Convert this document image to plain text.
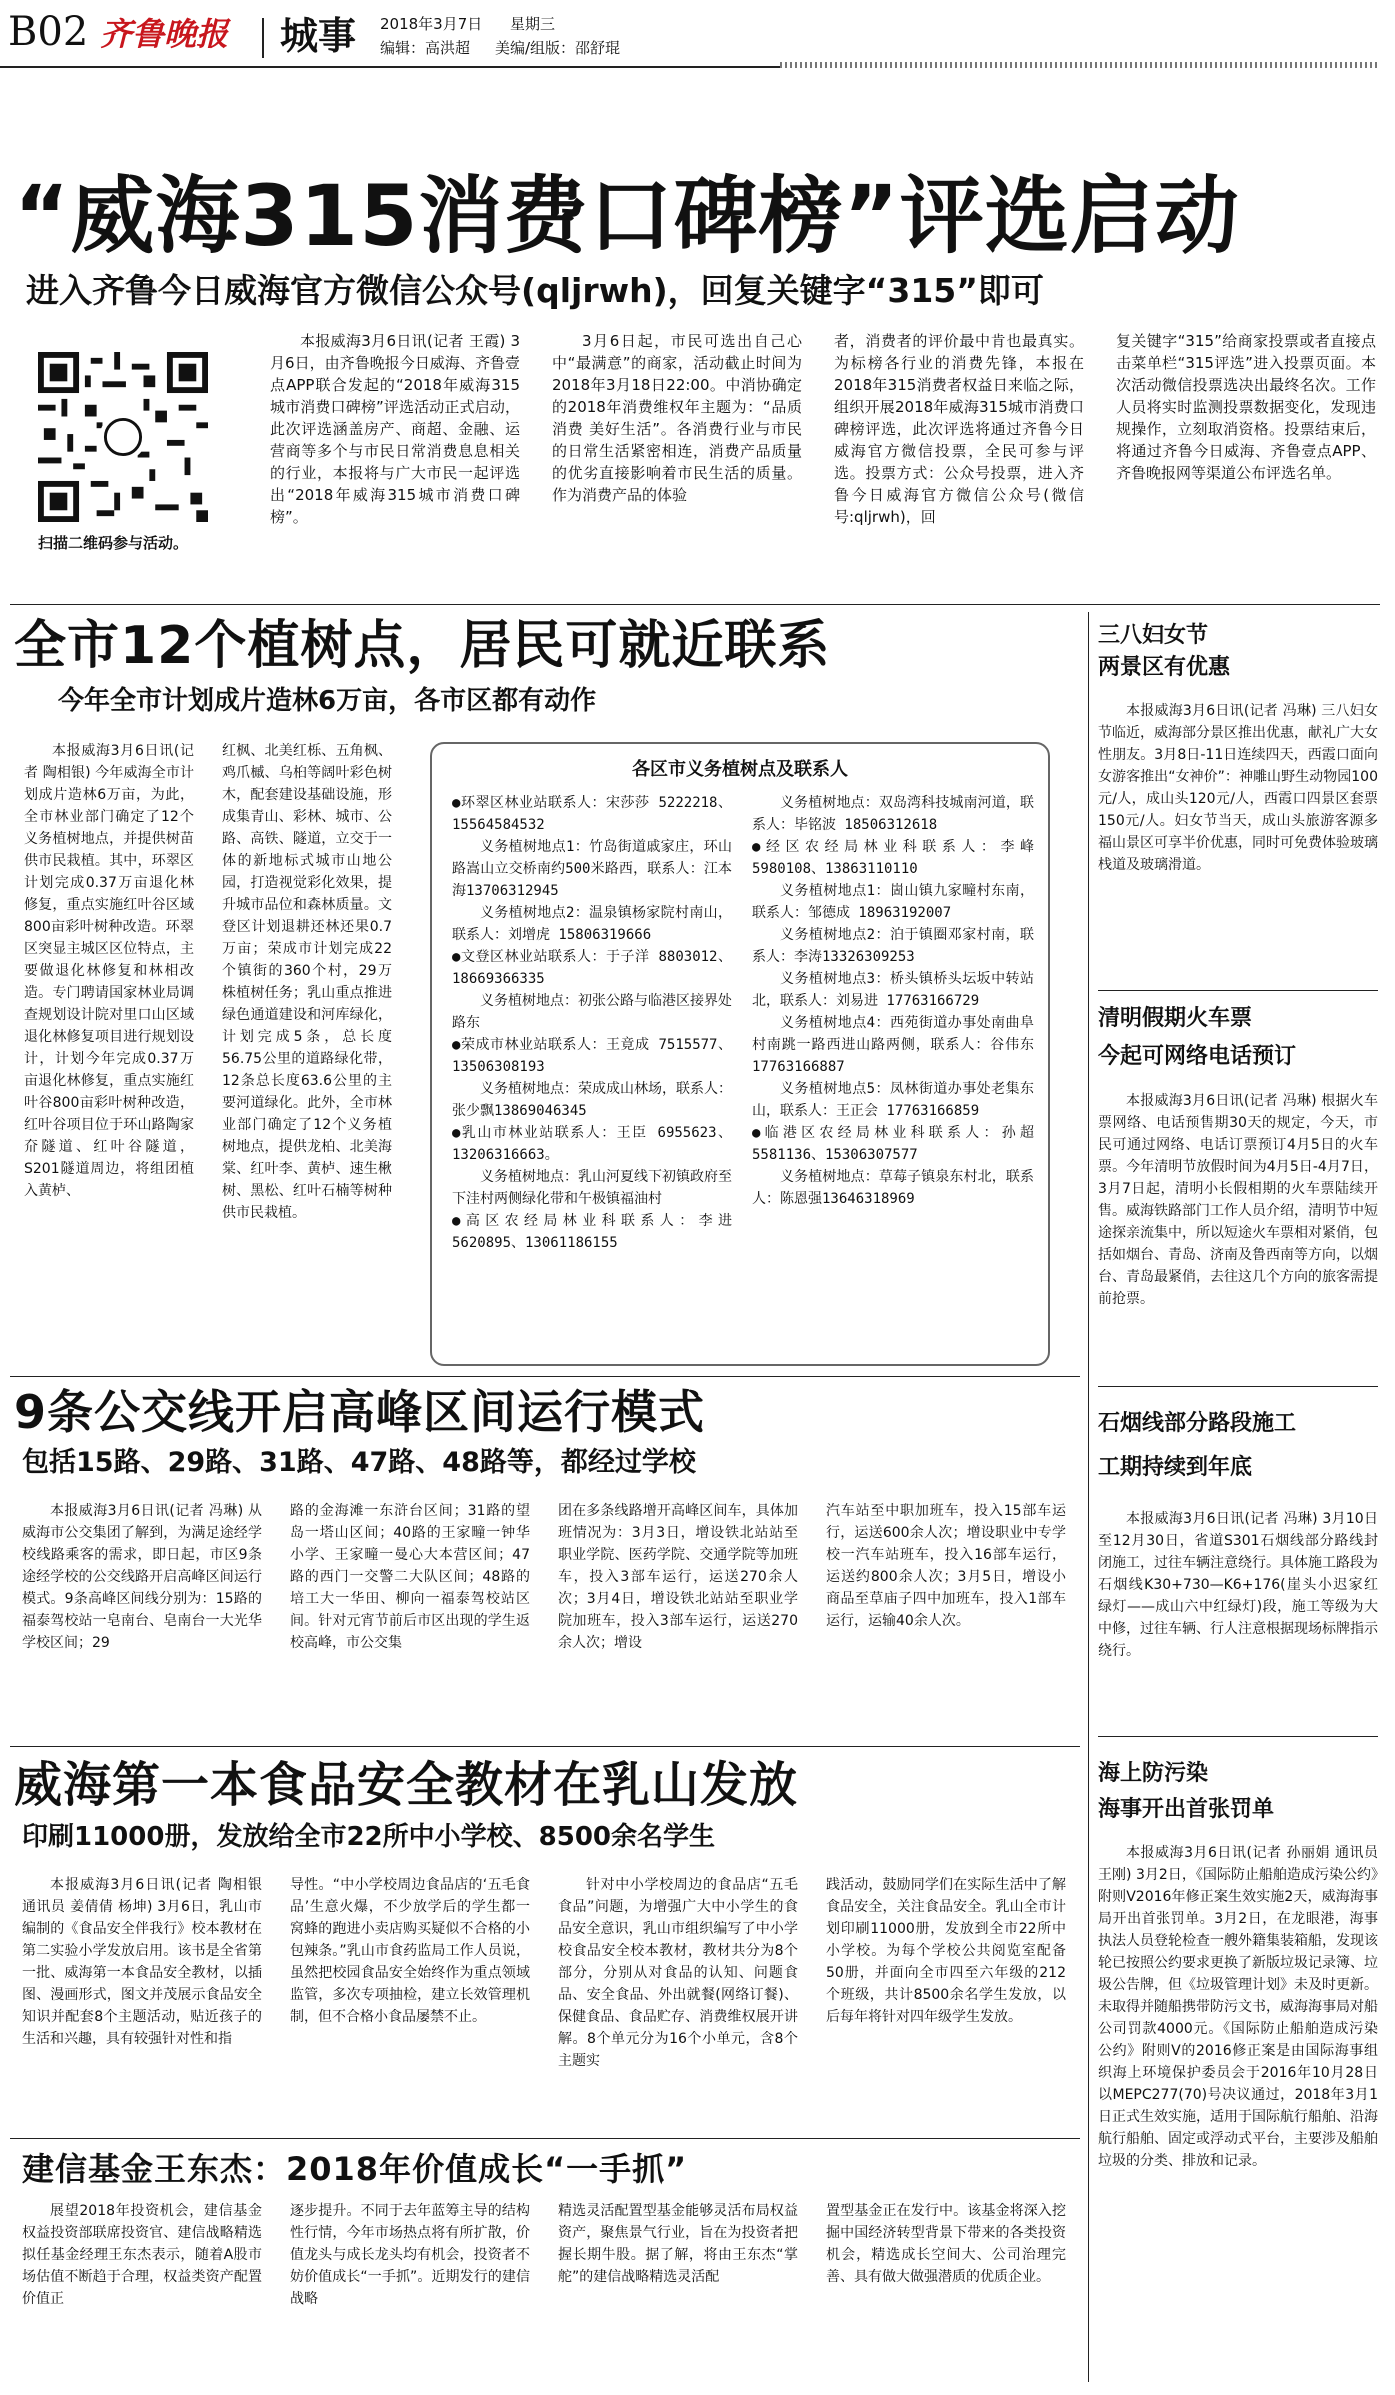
B02 齐鲁晚报 城事 2018年3月7日 星期三
编辑：高洪超 美编/组版：邵舒琨
“威海315消费口碑榜”评选启动
进入齐鲁今日威海官方微信公众号(qljrwh)，回复关键字“315”即可
扫描二维码参与活动。

本报威海3月6日讯(记者 王霞) 3月6日，由齐鲁晚报今日威海、齐鲁壹点APP联合发起的“2018年威海315城市消费口碑榜”评选活动正式启动，此次评选涵盖房产、商超、金融、运营商等多个与市民日常消费息息相关的行业，本报将与广大市民一起评选出“2018年威海315城市消费口碑榜”。

3月6日起，市民可选出自己心中“最满意”的商家，活动截止时间为2018年3月18日22:00。中消协确定的2018年消费维权年主题为：“品质消费 美好生活”。各消费行业与市民的日常生活紧密相连，消费产品质量的优劣直接影响着市民生活的质量。作为消费产品的体验

者，消费者的评价最中肯也最真实。为标榜各行业的消费先锋，本报在2018年315消费者权益日来临之际，组织开展2018年威海315城市消费口碑榜评选，此次评选将通过齐鲁今日威海官方微信投票，全民可参与评选。投票方式：公众号投票，进入齐鲁今日威海官方微信公众号(微信号:qljrwh)，回

复关键字“315”给商家投票或者直接点击菜单栏“315评选”进入投票页面。本次活动微信投票选决出最终名次。工作人员将实时监测投票数据变化，发现违规操作，立刻取消资格。投票结束后，将通过齐鲁今日威海、齐鲁壹点APP、齐鲁晚报网等渠道公布评选名单。

全市12个植树点，居民可就近联系
今年全市计划成片造林6万亩，各市区都有动作

本报威海3月6日讯(记者 陶相银) 今年威海全市计划成片造林6万亩，为此，全市林业部门确定了12个义务植树地点，并提供树苗供市民栽植。其中，环翠区计划完成0.37万亩退化林修复，重点实施红叶谷区域800亩彩叶树种改造。环翠区突显主城区区位特点，主要做退化林修复和林相改造。专门聘请国家林业局调查规划设计院对里口山区域退化林修复项目进行规划设计，计划今年完成0.37万亩退化林修复，重点实施红叶谷800亩彩叶树种改造，红叶谷项目位于环山路陶家夼隧道、红叶谷隧道，S201隧道周边，将组团植入黄栌、

红枫、北美红栎、五角枫、鸡爪槭、乌桕等阔叶彩色树木，配套建设基础设施，形成集青山、彩林、城市、公路、高铁、隧道，立交于一体的新地标式城市山地公园，打造视觉彩化效果，提升城市品位和森林质量。文登区计划退耕还林还果0.7万亩；荣成市计划完成22个镇街的360个村，29万株植树任务；乳山重点推进绿色通道建设和河库绿化，计划完成5条，总长度56.75公里的道路绿化带，12条总长度63.6公里的主要河道绿化。此外，全市林业部门确定了12个义务植树地点，提供龙柏、北美海棠、红叶李、黄栌、速生楸树、黑松、红叶石楠等树种供市民栽植。

各区市义务植树点及联系人
●环翠区林业站联系人：宋莎莎 5222218、15564584532
义务植树地点1：竹岛街道戚家庄，环山路嵩山立交桥南约500米路西，联系人：江本海13706312945
义务植树地点2：温泉镇杨家院村南山，联系人：刘增虎 15806319666
●文登区林业站联系人：于子洋 8803012、18669366335
义务植树地点：初张公路与临港区接界处路东
●荣成市林业站联系人：王竟成 7515577、13506308193
义务植树地点：荣成成山林场，联系人：张少飘13869046345
●乳山市林业站联系人：王臣 6955623、13206316663。
义务植树地点：乳山河夏线下初镇政府至下洼村两侧绿化带和午极镇福油村
●高区农经局林业科联系人：李进 5620895、13061186155
义务植树地点：双岛湾科技城南河道，联系人：毕铭波 18506312618
●经区农经局林业科联系人：李峰 5980108、13863110110
义务植树地点1：崮山镇九家疃村东南，联系人：邹德成 18963192007
义务植树地点2：泊于镇圈邓家村南，联系人：李涛13326309253
义务植树地点3：桥头镇桥头坛坂中转站北，联系人：刘易进 17763166729
义务植树地点4：西苑街道办事处南曲阜村南跳一路西进山路两侧，联系人：谷伟东17763166887
义务植树地点5：凤林街道办事处老集东山，联系人：王正会 17763166859
●临港区农经局林业科联系人：孙超5581136、15306307577
义务植树地点：草莓子镇泉东村北，联系人：陈恩强13646318969
9条公交线开启高峰区间运行模式
包括15路、29路、31路、47路、48路等，都经过学校

本报威海3月6日讯(记者 冯琳) 从威海市公交集团了解到，为满足途经学校线路乘客的需求，即日起，市区9条途经学校的公交线路开启高峰区间运行模式。9条高峰区间线分别为：15路的福泰驾校站一皂南台、皂南台一大光华学校区间；29

路的金海滩一东浒台区间；31路的望岛一塔山区间；40路的王家疃一钟华小学、王家疃一曼心大本营区间；47路的西门一交警二大队区间；48路的培工大一华田、柳向一福泰驾校站区间。针对元宵节前后市区出现的学生返校高峰，市公交集

团在多条线路增开高峰区间车，具体加班情况为：3月3日，增设铁北站站至职业学院、医药学院、交通学院等加班车，投入3部车运行，运送270余人次；3月4日，增设铁北站站至职业学院加班车，投入3部车运行，运送270余人次；增设

汽车站至中职加班车，投入15部车运行，运送600余人次；增设职业中专学校一汽车站班车，投入16部车运行，运送约800余人次；3月5日，增设小商品至草庙子四中加班车，投入1部车运行，运输40余人次。

威海第一本食品安全教材在乳山发放
印刷11000册，发放给全市22所中小学校、8500余名学生

本报威海3月6日讯(记者 陶相银 通讯员 姜倩倩 杨坤) 3月6日，乳山市编制的《食品安全伴我行》校本教材在第二实验小学发放启用。该书是全省第一批、威海第一本食品安全教材，以插图、漫画形式，图文并茂展示食品安全知识并配套8个主题活动，贴近孩子的生活和兴趣，具有较强针对性和指

导性。“中小学校周边食品店的‘五毛食品’生意火爆，不少放学后的学生都一窝蜂的跑进小卖店购买疑似不合格的小包辣条。”乳山市食药监局工作人员说，虽然把校园食品安全始终作为重点领域监管，多次专项抽检，建立长效管理机制，但不合格小食品屡禁不止。

针对中小学校周边的食品店“五毛食品”问题，为增强广大中小学生的食品安全意识，乳山市组织编写了中小学校食品安全校本教材，教材共分为8个部分，分别从对食品的认知、问题食品、安全食品、外出就餐(网络订餐)、保健食品、食品贮存、消费维权展开讲解。8个单元分为16个小单元，含8个主题实

践活动，鼓励同学们在实际生活中了解食品安全，关注食品安全。乳山全市计划印刷11000册，发放到全市22所中小学校。为每个学校公共阅览室配备50册，并面向全市四至六年级的212个班级，共计8500余名学生发放，以后每年将针对四年级学生发放。

建信基金王东杰：2018年价值成长“一手抓”

展望2018年投资机会，建信基金权益投资部联席投资官、建信战略精选拟任基金经理王东杰表示，随着A股市场估值不断趋于合理，权益类资产配置价值正

逐步提升。不同于去年蓝筹主导的结构性行情，今年市场热点将有所扩散，价值龙头与成长龙头均有机会，投资者不妨价值成长“一手抓”。近期发行的建信战略

精选灵活配置型基金能够灵活布局权益资产，聚焦景气行业，旨在为投资者把握长期牛股。据了解，将由王东杰“掌舵”的建信战略精选灵活配

置型基金正在发行中。该基金将深入挖掘中国经济转型背景下带来的各类投资机会，精选成长空间大、公司治理完善、具有做大做强潜质的优质企业。

三八妇女节
两景区有优惠

本报威海3月6日讯(记者 冯琳) 三八妇女节临近，威海部分景区推出优惠，献礼广大女性朋友。3月8日-11日连续四天，西霞口面向女游客推出“女神价”：神雕山野生动物园100元/人，成山头120元/人，西霞口四景区套票150元/人。妇女节当天，成山头旅游客源多福山景区可享半价优惠，同时可免费体验玻璃栈道及玻璃滑道。

清明假期火车票
今起可网络电话预订

本报威海3月6日讯(记者 冯琳) 根据火车票网络、电话预售期30天的规定，今天，市民可通过网络、电话订票预订4月5日的火车票。今年清明节放假时间为4月5日-4月7日，3月7日起，清明小长假相期的火车票陆续开售。威海铁路部门工作人员介绍，清明节中短途探亲流集中，所以短途火车票相对紧俏，包括如烟台、青岛、济南及鲁西南等方向，以烟台、青岛最紧俏，去往这几个方向的旅客需提前抢票。

石烟线部分路段施工
工期持续到年底

本报威海3月6日讯(记者 冯琳) 3月10日至12月30日，省道S301石烟线部分路线封闭施工，过往车辆注意绕行。具体施工路段为石烟线K30+730—K6+176(崖头小迟家红绿灯——成山六中红绿灯)段，施工等级为大中修，过往车辆、行人注意根据现场标牌指示绕行。

海上防污染
海事开出首张罚单

本报威海3月6日讯(记者 孙丽娟 通讯员 王刚) 3月2日，《国际防止船舶造成污染公约》附则V2016年修正案生效实施2天，威海海事局开出首张罚单。3月2日，在龙眼港，海事执法人员登轮检查一艘外籍集装箱船，发现该轮已按照公约要求更换了新版垃圾记录簿、垃圾公告牌，但《垃圾管理计划》未及时更新。未取得并随船携带防污文书，威海海事局对船公司罚款4000元。《国际防止船舶造成污染公约》附则V的2016修正案是由国际海事组织海上环境保护委员会于2016年10月28日以MEPC277(70)号决议通过，2018年3月1日正式生效实施，适用于国际航行船舶、沿海航行船舶、固定或浮动式平台，主要涉及船舶垃圾的分类、排放和记录。
